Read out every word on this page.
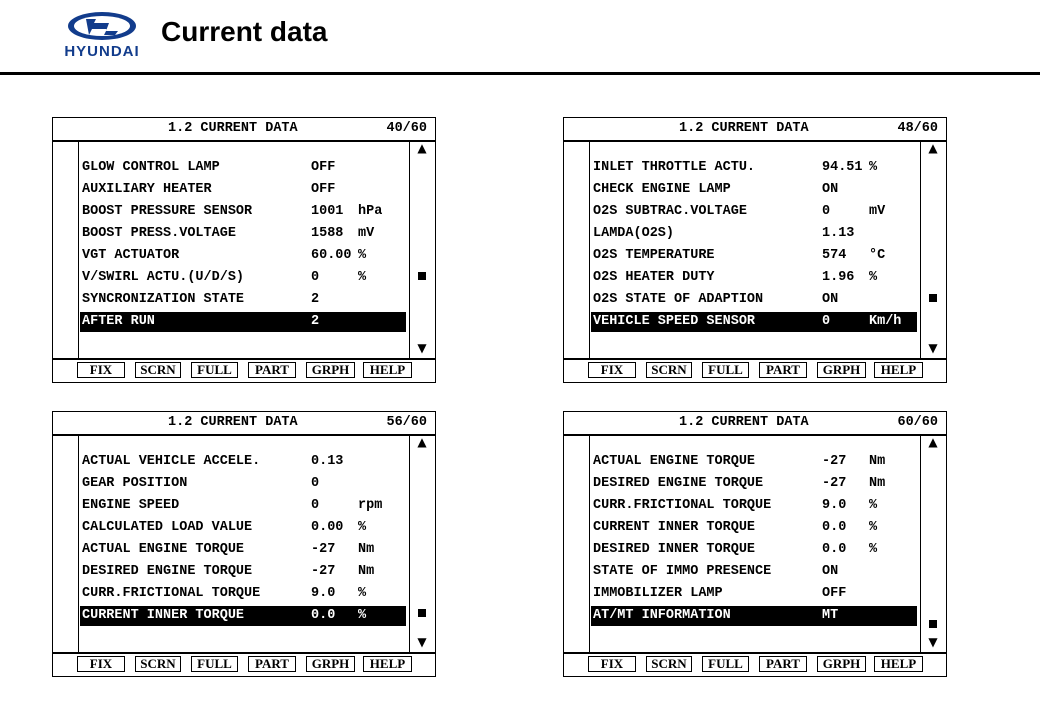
HYUNDAI
Current data
1.2 CURRENT DATA	40/60
GLOW CONTROL LAMP	OFF
AUXILIARY HEATER	OFF
BOOST PRESSURE SENSOR	1001 hPa
BOOST PRESS.VOLTAGE	1588 mV
VGT ACTUATOR	60.00 %
V/SWIRL ACTU.(U/D/S)	0	%
SYNCRONIZATION STATE	2
AFTER RUN	2
▲
▼
FIX	SCRN	FULL	PART	GRPH	HELP
1.2 CURRENT DATA	48/60
INLET THROTTLE ACTU.	94.51 %
CHECK ENGINE LAMP	ON
O2S SUBTRAC.VOLTAGE	0	mV
LAMDA(O2S)	1.13
O2S TEMPERATURE	574 °C
O2S HEATER DUTY	1.96 %
O2S STATE OF ADAPTION	ON
VEHICLE SPEED SENSOR	0	Km/h
▲
▼
FIX	SCRN	FULL	PART	GRPH	HELP
1.2 CURRENT DATA	56/60
ACTUAL VEHICLE ACCELE.	0.13
GEAR POSITION	0
ENGINE SPEED	0	rpm
CALCULATED LOAD VALUE	0.00 %
ACTUAL ENGINE TORQUE	-27 Nm
DESIRED ENGINE TORQUE	-27 Nm
CURR.FRICTIONAL TORQUE	9.0 %
CURRENT INNER TORQUE	0.0 %
▲
▼
FIX	SCRN	FULL	PART	GRPH	HELP
1.2 CURRENT DATA	60/60
ACTUAL ENGINE TORQUE	-27 Nm
DESIRED ENGINE TORQUE	-27 Nm
CURR.FRICTIONAL TORQUE	9.0 %
CURRENT INNER TORQUE	0.0 %
DESIRED INNER TORQUE	0.0 %
STATE OF IMMO PRESENCE	ON
IMMOBILIZER LAMP	OFF
AT/MT INFORMATION	MT
▲
▼
FIX	SCRN	FULL	PART	GRPH	HELP
